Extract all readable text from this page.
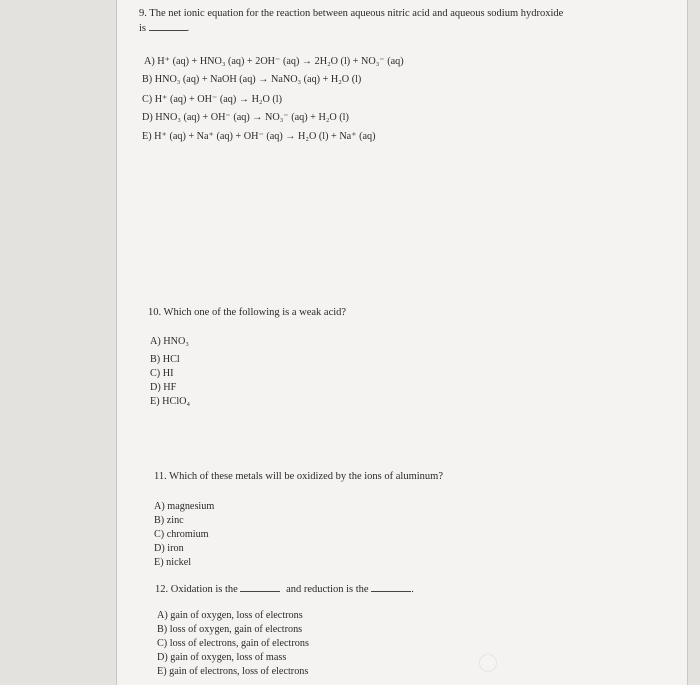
9. The net ionic equation for the reaction between aqueous nitric acid and aqueous sodium hydroxide
is	.
A) H⁺ (aq) + HNO₃ (aq) + 2OH⁻ (aq) → 2H₂O (l) + NO₃⁻ (aq)
B) HNO₃ (aq) + NaOH (aq) → NaNO₃ (aq) + H₂O (l)
C) H⁺ (aq) + OH⁻ (aq) → H₂O (l)
D) HNO₃ (aq) + OH⁻ (aq) → NO₃⁻ (aq) + H₂O (l)
E) H⁺ (aq) + Na⁺ (aq) + OH⁻ (aq) → H₂O (l) + Na⁺ (aq)
10. Which one of the following is a weak acid?
A) HNO₃
B) HCl
C) HI
D) HF
E) HClO₄
11. Which of these metals will be oxidized by the ions of aluminum?
A) magnesium
B) zinc
C) chromium
D) iron
E) nickel
12. Oxidation is the	and reduction is the	.
A) gain of oxygen, loss of electrons
B) loss of oxygen, gain of electrons
C) loss of electrons, gain of electrons
D) gain of oxygen, loss of mass
E) gain of electrons, loss of electrons
